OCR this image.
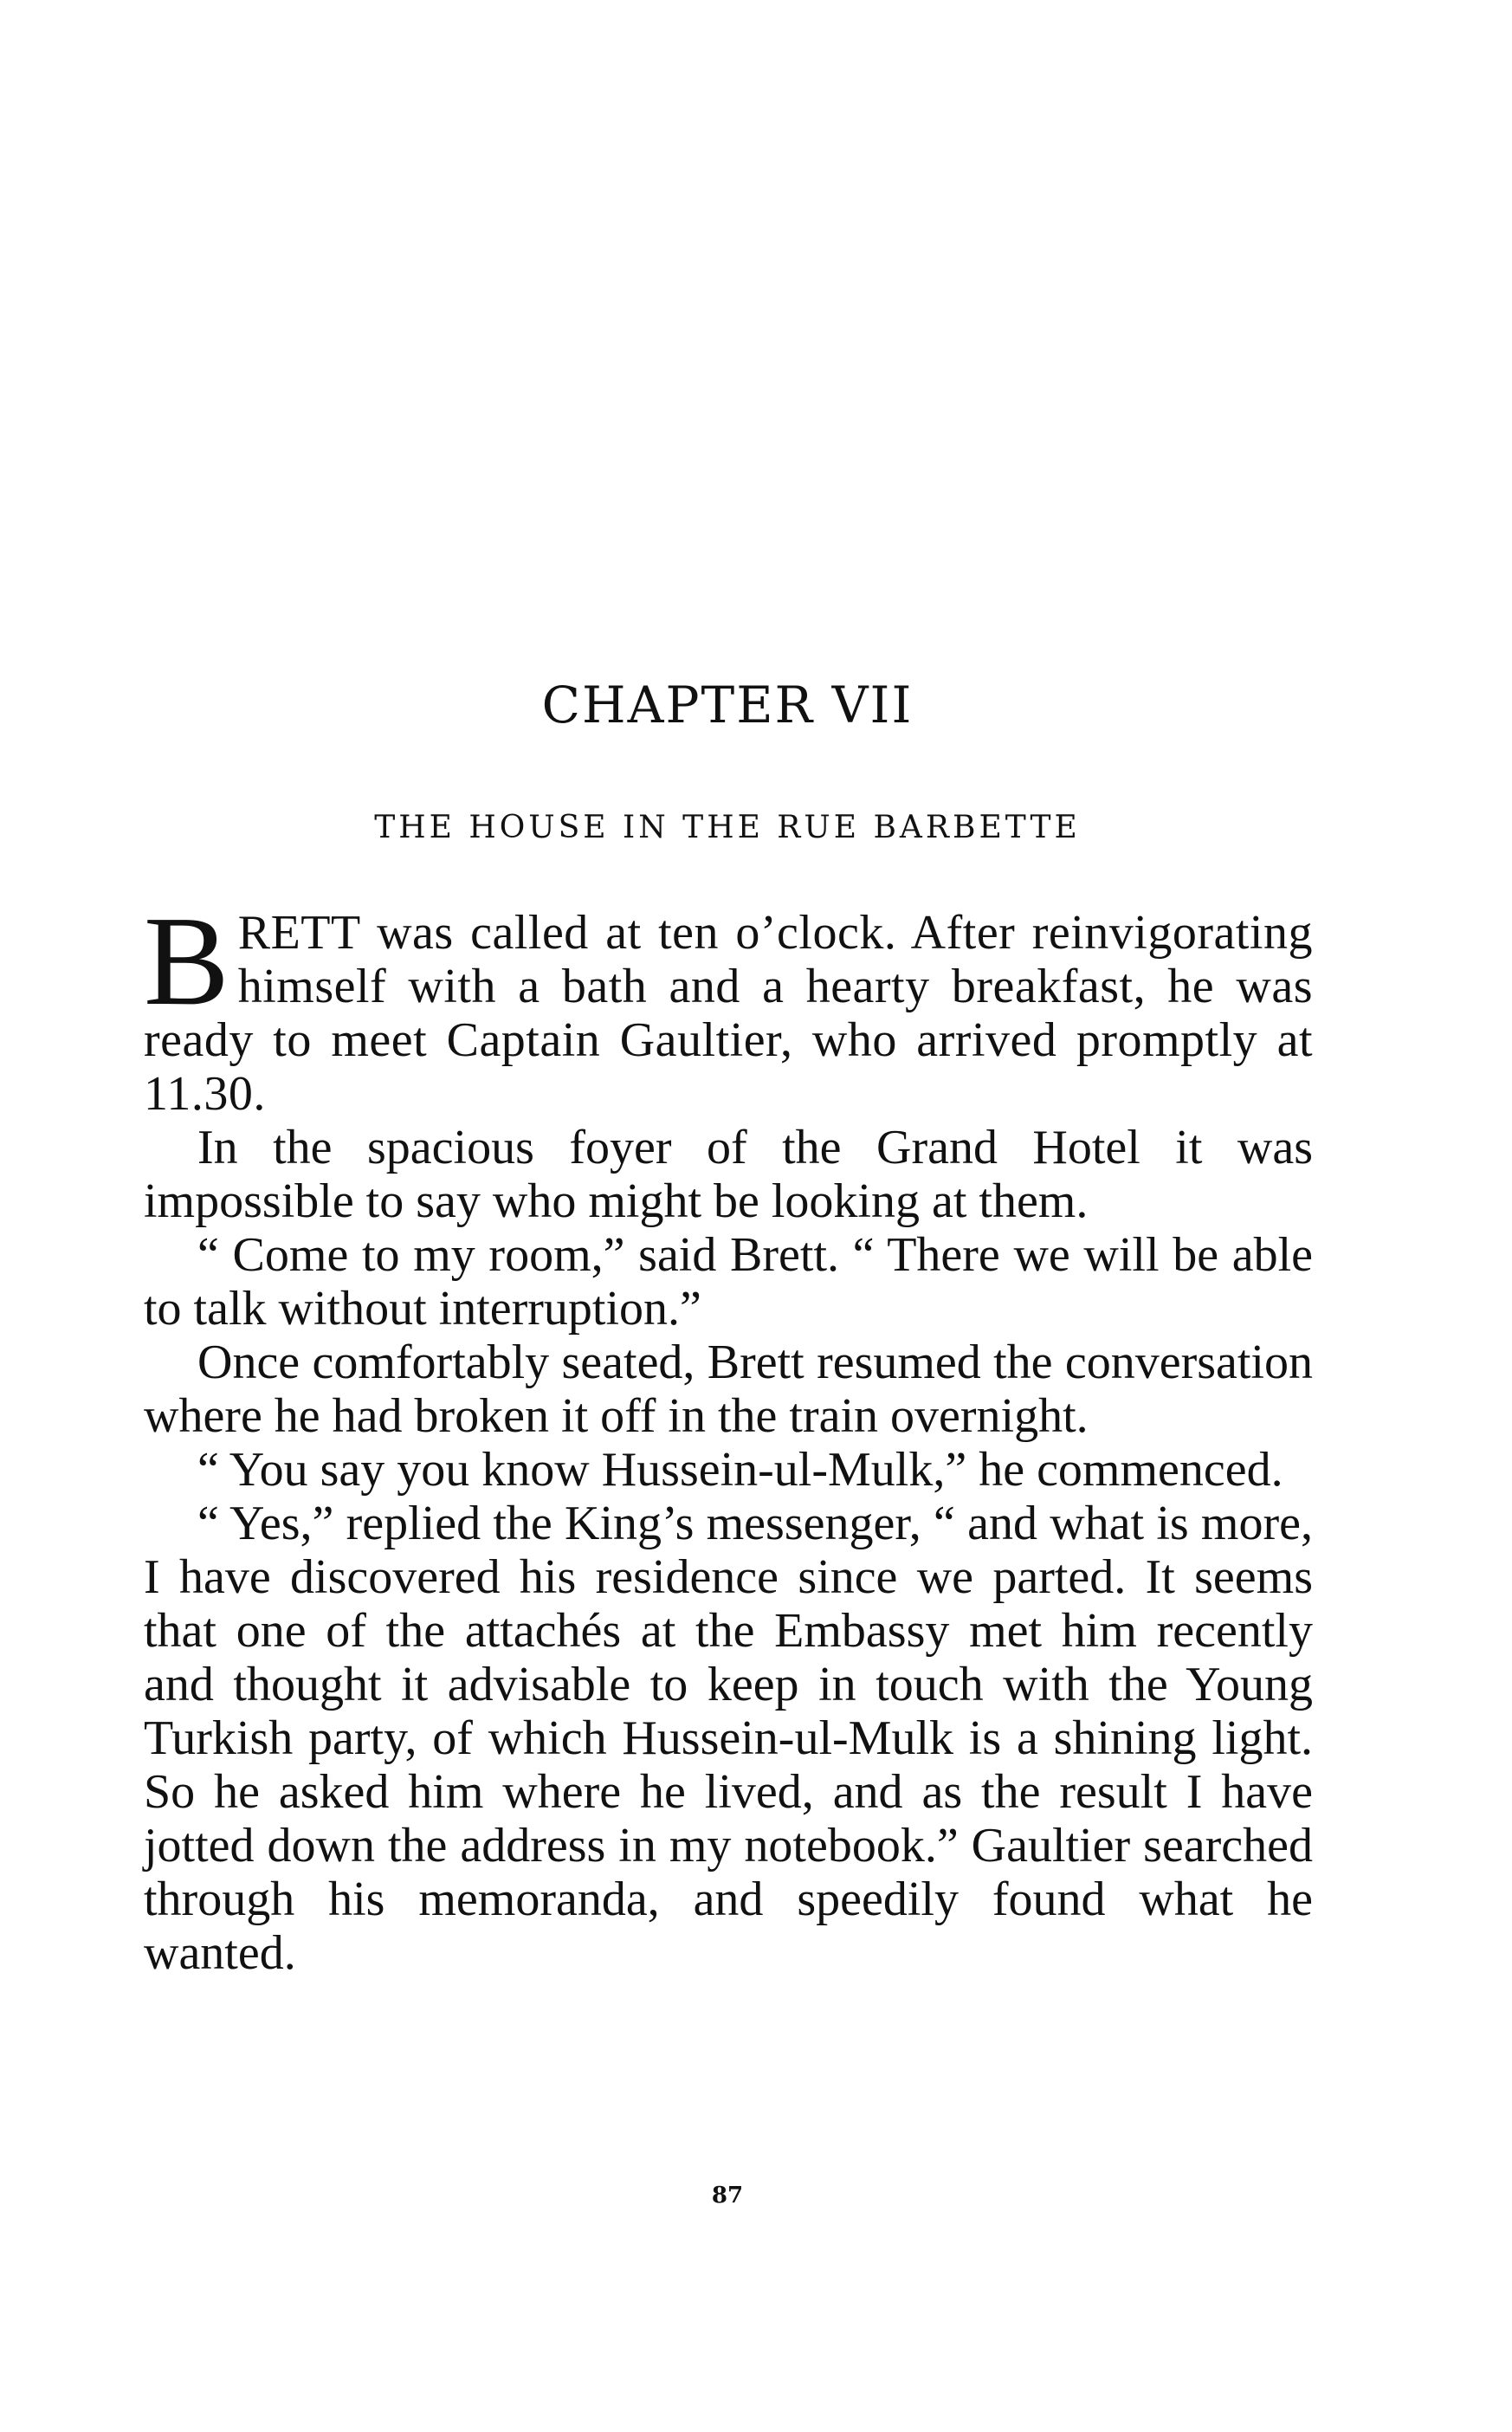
CHAPTER VII
THE HOUSE IN THE RUE BARBETTE

BRETT was called at ten o’clock. After reinvigorating himself with a bath and a hearty breakfast, he was ready to meet Captain Gaultier, who arrived promptly at 11.30.

In the spacious foyer of the Grand Hotel it was impossible to say who might be looking at them.

“ Come to my room,” said Brett. “ There we will be able to talk without interruption.”

Once comfortably seated, Brett resumed the conversation where he had broken it off in the train overnight.

“ You say you know Hussein-ul-Mulk,” he commenced.

“ Yes,” replied the King’s messenger, “ and what is more, I have discovered his residence since we parted. It seems that one of the attachés at the Embassy met him recently and thought it advisable to keep in touch with the Young Turkish party, of which Hussein-ul-Mulk is a shining light. So he asked him where he lived, and as the result I have jotted down the address in my notebook.” Gaultier searched through his memoranda, and speedily found what he wanted.

87
